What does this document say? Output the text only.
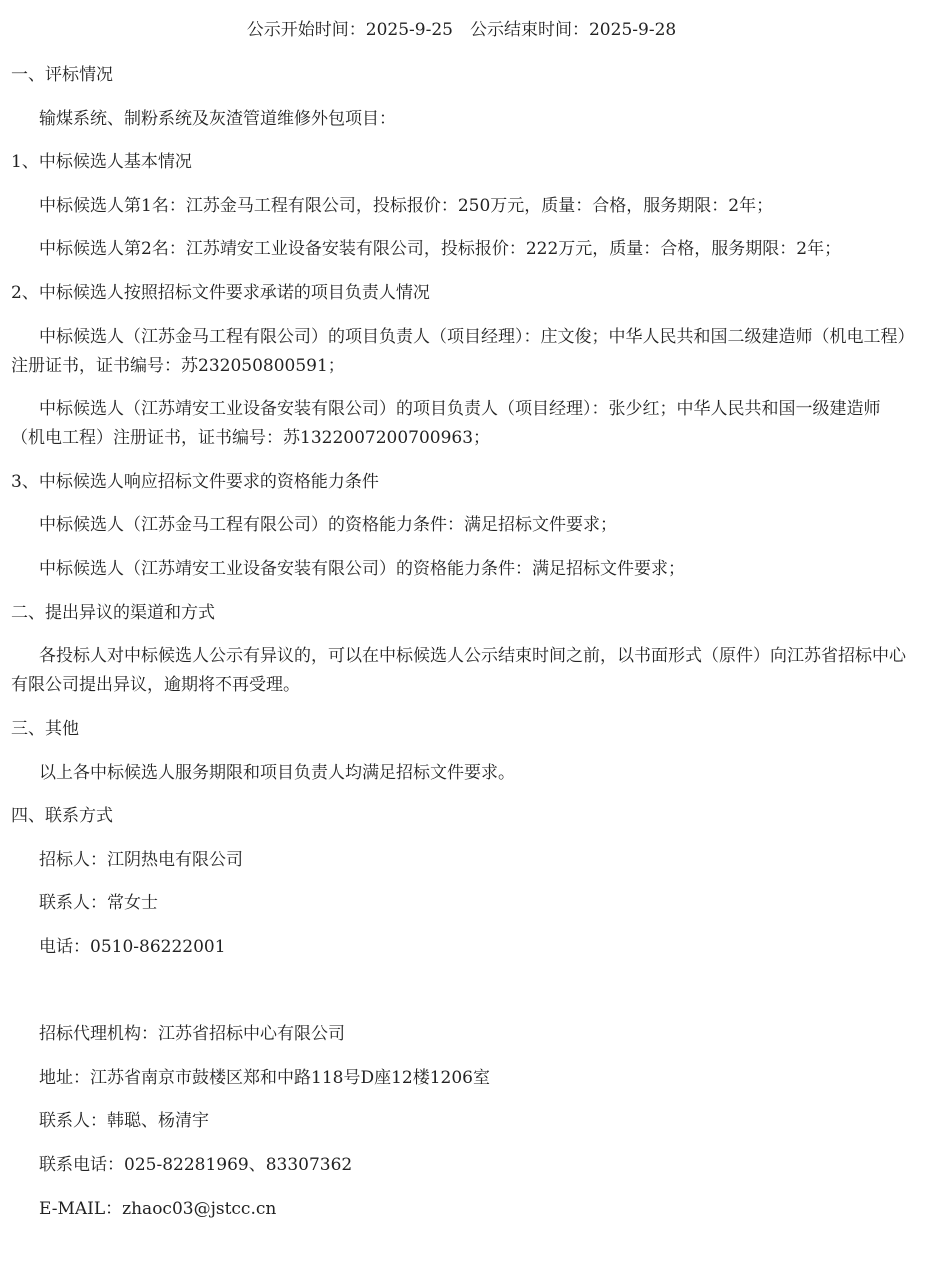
公示开始时间：2025-9-25　公示结束时间：2025-9-28

一、评标情况

输煤系统、制粉系统及灰渣管道维修外包项目：

1、中标候选人基本情况

中标候选人第1名：江苏金马工程有限公司，投标报价：250万元，质量：合格，服务期限：2年；

中标候选人第2名：江苏靖安工业设备安装有限公司，投标报价：222万元，质量：合格，服务期限：2年；

2、中标候选人按照招标文件要求承诺的项目负责人情况

中标候选人（江苏金马工程有限公司）的项目负责人（项目经理）：庄文俊；中华人民共和国二级建造师（机电工程）注册证书，证书编号：苏232050800591；

中标候选人（江苏靖安工业设备安装有限公司）的项目负责人（项目经理）：张少红；中华人民共和国一级建造师（机电工程）注册证书，证书编号：苏1322007200700963；

3、中标候选人响应招标文件要求的资格能力条件

中标候选人（江苏金马工程有限公司）的资格能力条件：满足招标文件要求；

中标候选人（江苏靖安工业设备安装有限公司）的资格能力条件：满足招标文件要求；

二、提出异议的渠道和方式

各投标人对中标候选人公示有异议的，可以在中标候选人公示结束时间之前，以书面形式（原件）向江苏省招标中心有限公司提出异议，逾期将不再受理。

三、其他

以上各中标候选人服务期限和项目负责人均满足招标文件要求。

四、联系方式

招标人：江阴热电有限公司

联系人：常女士

电话：0510-86222001

招标代理机构：江苏省招标中心有限公司

地址：江苏省南京市鼓楼区郑和中路118号D座12楼1206室

联系人：韩聪、杨清宇

联系电话：025-82281969、83307362

E-MAIL：zhaoc03@jstcc.cn
